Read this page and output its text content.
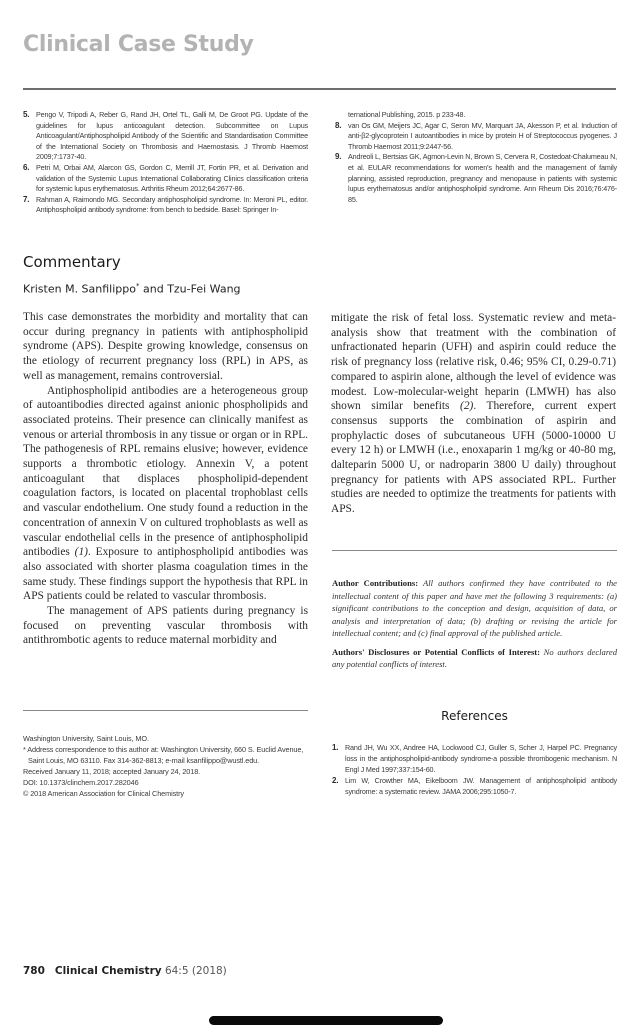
Clinical Case Study
5. Pengo V, Tripodi A, Reber G, Rand JH, Ortel TL, Galli M, De Groot PG. Update of the guidelines for lupus anticoagulant detection. Subcommittee on Lupus Anticoagulant/Antiphospholipid Antibody of the Scientific and Standardisation Committee of the International Society on Thrombosis and Haemostasis. J Thromb Haemost 2009;7:1737-40.
6. Petri M, Orbai AM, Alarcon GS, Gordon C, Merrill JT, Fortin PR, et al. Derivation and validation of the Systemic Lupus International Collaborating Clinics classification criteria for systemic lupus erythematosus. Arthritis Rheum 2012;64:2677-86.
7. Rahman A, Raimondo MG. Secondary antiphospholipid syndrome. In: Meroni PL, editor. Antiphospholipid antibody syndrome: from bench to bedside. Basel: Springer In-
ternational Publishing, 2015. p 233-48.
8. van Os GM, Meijers JC, Agar C, Seron MV, Marquart JA, Akesson P, et al. Induction of anti-β2-glycoprotein I autoantibodies in mice by protein H of Streptococcus pyogenes. J Thromb Haemost 2011;9:2447-56.
9. Andreoli L, Bertsias GK, Agmon-Levin N, Brown S, Cervera R, Costedoat-Chalumeau N, et al. EULAR recommendations for women's health and the management of family planning, assisted reproduction, pregnancy and menopause in patients with systemic lupus erythematosus and/or antiphospholipid syndrome. Ann Rheum Dis 2016;76:476-85.
Commentary
Kristen M. Sanfilippo* and Tzu-Fei Wang

This case demonstrates the morbidity and mortality that can occur during pregnancy in patients with antiphospholipid syndrome (APS). Despite growing knowledge, consensus on the etiology of recurrent pregnancy loss (RPL) in APS, as well as management, remains controversial.

Antiphospholipid antibodies are a heterogeneous group of autoantibodies directed against anionic phospholipids and associated proteins. Their presence can clinically manifest as venous or arterial thrombosis in any tissue or organ or in RPL. The pathogenesis of RPL remains elusive; however, evidence supports a thrombotic etiology. Annexin V, a potent anticoagulant that displaces phospholipid-dependent coagulation factors, is located on placental trophoblast cells and vascular endothelium. One study found a reduction in the concentration of annexin V on cultured trophoblasts as well as vascular endothelial cells in the presence of antiphospholipid antibodies (1). Exposure to antiphospholipid antibodies was also associated with shorter plasma coagulation times in the same study. These findings support the hypothesis that RPL in APS patients could be related to vascular thrombosis.

The management of APS patients during pregnancy is focused on preventing vascular thrombosis with antithrombotic agents to reduce maternal morbidity and

mitigate the risk of fetal loss. Systematic review and meta-analysis show that treatment with the combination of unfractionated heparin (UFH) and aspirin could reduce the risk of pregnancy loss (relative risk, 0.46; 95% CI, 0.29-0.71) compared to aspirin alone, although the level of evidence was modest. Low-molecular-weight heparin (LMWH) has also shown similar benefits (2). Therefore, current expert consensus supports the combination of aspirin and prophylactic doses of subcutaneous UFH (5000-10000 U every 12 h) or LMWH (i.e., enoxaparin 1 mg/kg or 40-80 mg, dalteparin 5000 U, or nadroparin 3800 U daily) throughout pregnancy for patients with APS associated RPL. Further studies are needed to optimize the treatments for patients with APS.

Author Contributions: All authors confirmed they have contributed to the intellectual content of this paper and have met the following 3 requirements: (a) significant contributions to the conception and design, acquisition of data, or analysis and interpretation of data; (b) drafting or revising the article for intellectual content; and (c) final approval of the published article.

Authors' Disclosures or Potential Conflicts of Interest: No authors declared any potential conflicts of interest.

Washington University, Saint Louis, MO.
* Address correspondence to this author at: Washington University, 660 S. Euclid Avenue,
Saint Louis, MO 63110. Fax 314-362-8813; e-mail ksanfilippo@wustl.edu.
Received January 11, 2018; accepted January 24, 2018.
DOI: 10.1373/clinchem.2017.282046
© 2018 American Association for Clinical Chemistry
References
1. Rand JH, Wu XX, Andree HA, Lockwood CJ, Guller S, Scher J, Harpel PC. Pregnancy loss in the antiphospholipid-antibody syndrome-a possible thrombogenic mechanism. N Engl J Med 1997;337:154-60.
2. Lim W, Crowther MA, Eikelboom JW. Management of antiphospholipid antibody syndrome: a systematic review. JAMA 2006;295:1050-7.
780 Clinical Chemistry 64:5 (2018)
